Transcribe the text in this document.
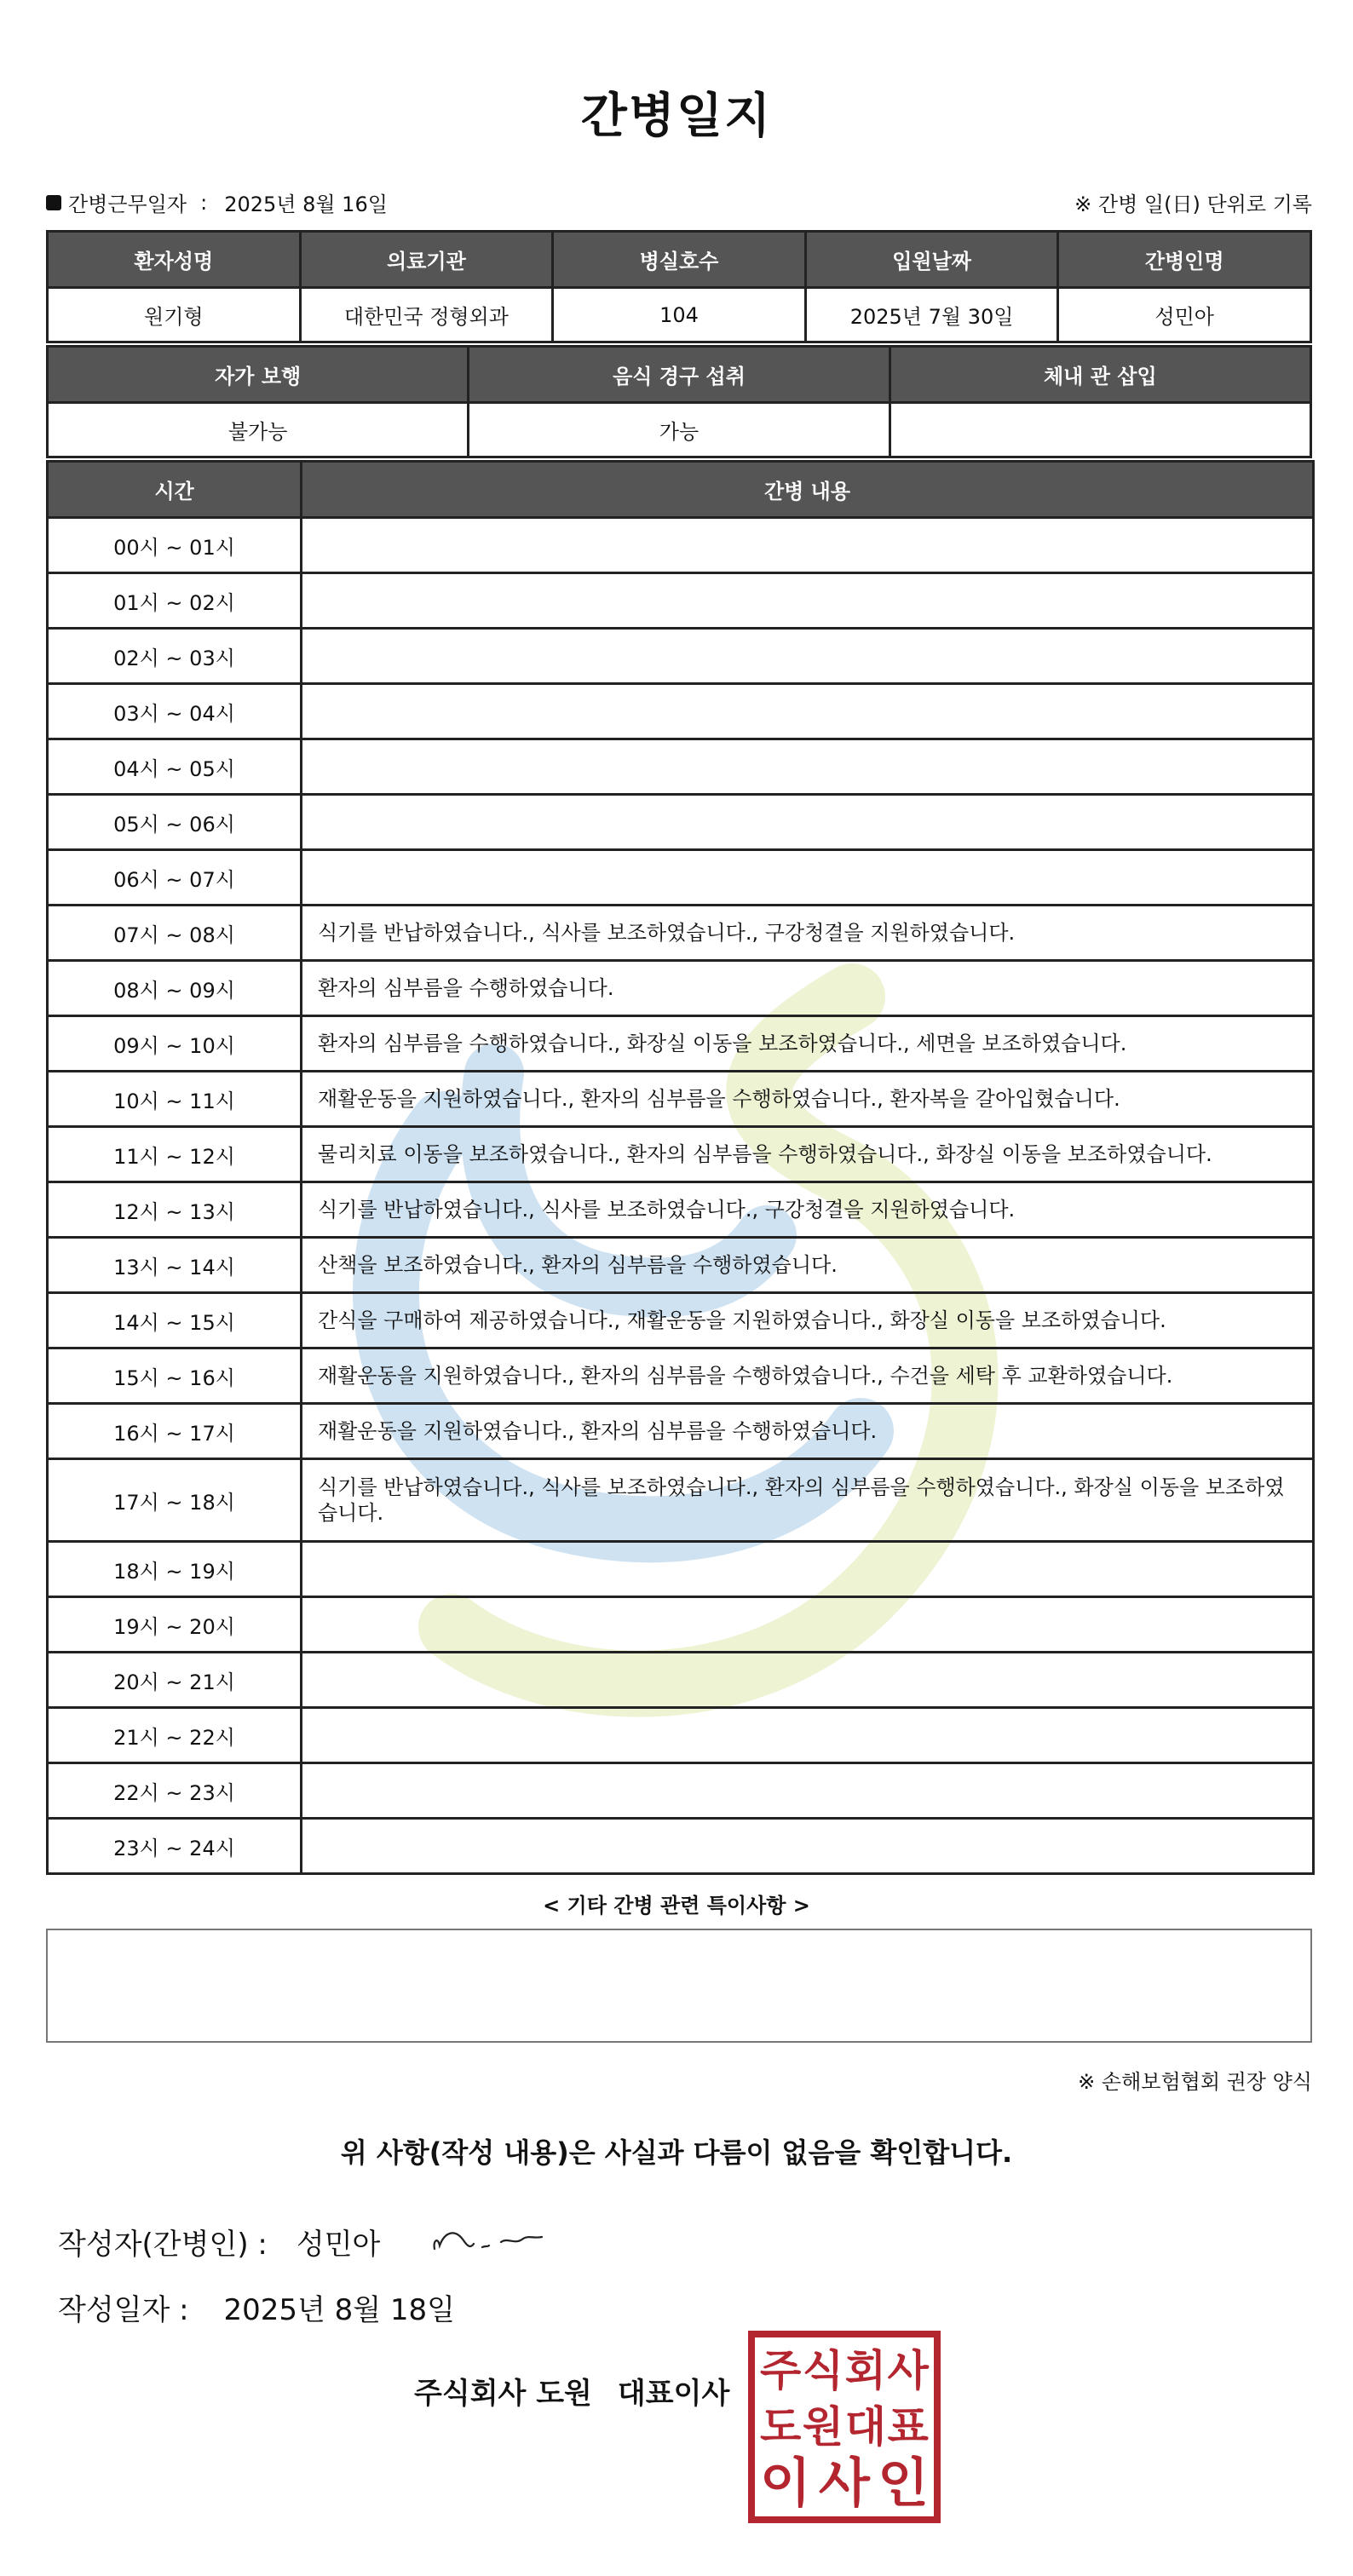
간병일지
간병근무일자 : 2025년 8월 16일	※ 간병 일(日) 단위로 기록
환자성명	의료기관	병실호수	입원날짜	간병인명
원기형	대한민국 정형외과	104	2025년 7월 30일	성민아
자가 보행	음식 경구 섭취	체내 관 삽입
불가능	가능	
시간	간병 내용
00시 ~ 01시	
01시 ~ 02시	
02시 ~ 03시	
03시 ~ 04시	
04시 ~ 05시	
05시 ~ 06시	
06시 ~ 07시	
07시 ~ 08시	식기를 반납하였습니다., 식사를 보조하였습니다., 구강청결을 지원하였습니다.
08시 ~ 09시	환자의 심부름을 수행하였습니다.
09시 ~ 10시	환자의 심부름을 수행하였습니다., 화장실 이동을 보조하였습니다., 세면을 보조하였습니다.
10시 ~ 11시	재활운동을 지원하였습니다., 환자의 심부름을 수행하였습니다., 환자복을 갈아입혔습니다.
11시 ~ 12시	물리치료 이동을 보조하였습니다., 환자의 심부름을 수행하였습니다., 화장실 이동을 보조하였습니다.
12시 ~ 13시	식기를 반납하였습니다., 식사를 보조하였습니다., 구강청결을 지원하였습니다.
13시 ~ 14시	산책을 보조하였습니다., 환자의 심부름을 수행하였습니다.
14시 ~ 15시	간식을 구매하여 제공하였습니다., 재활운동을 지원하였습니다., 화장실 이동을 보조하였습니다.
15시 ~ 16시	재활운동을 지원하였습니다., 환자의 심부름을 수행하였습니다., 수건을 세탁 후 교환하였습니다.
16시 ~ 17시	재활운동을 지원하였습니다., 환자의 심부름을 수행하였습니다.
17시 ~ 18시	식기를 반납하였습니다., 식사를 보조하였습니다., 환자의 심부름을 수행하였습니다., 화장실 이동을 보조하였습니다.
18시 ~ 19시	
19시 ~ 20시	
20시 ~ 21시	
21시 ~ 22시	
22시 ~ 23시	
23시 ~ 24시	
< 기타 간병 관련 특이사항 >
※ 손해보험협회 권장 양식
위 사항(작성 내용)은 사실과 다름이 없음을 확인합니다.
작성자(간병인) : 성민아
작성일자 : 2025년 8월 18일
주식회사 도원 대표이사 주 식 회 사
도 원 대 표
이 사 인
